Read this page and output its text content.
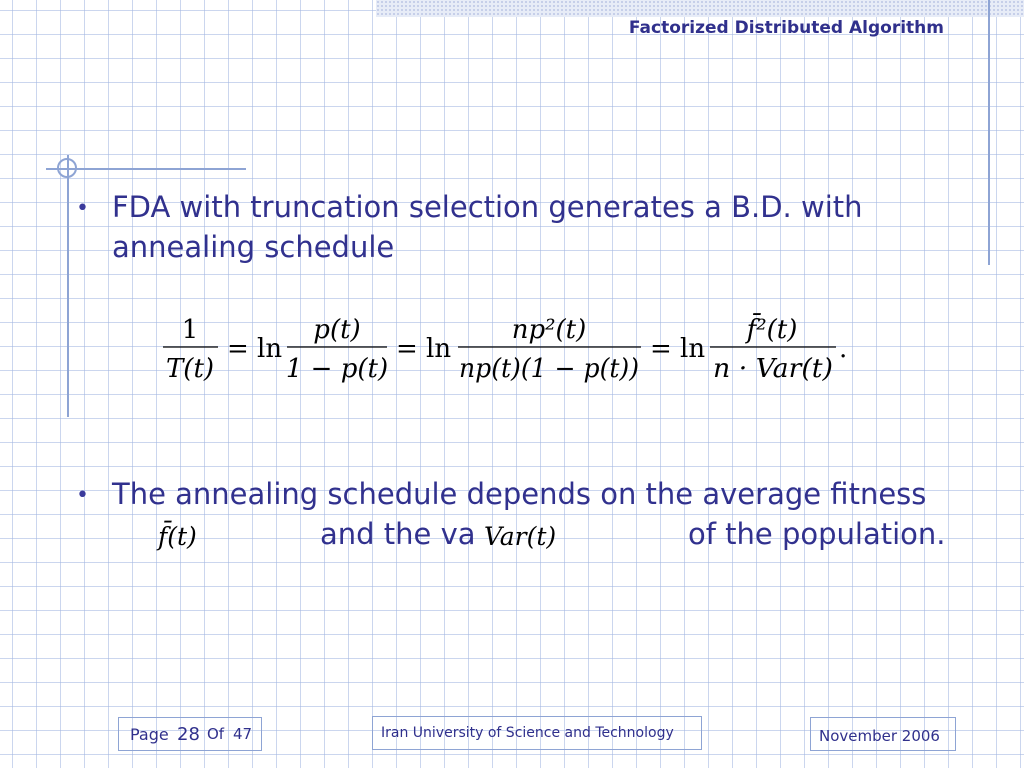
Factorized Distributed Algorithm
• FDA with truncation selection generates a B.D. with annealing schedule
1
T(t)
= ln
p(t)
1 − p(t)
= ln
np²(t)
np(t)(1 − p(t))
= ln
f̄²(t)
n · Var(t)
.
f̄(t)	Var(t)
• The annealing schedule depends on the average fitness
and the va	of the population.
Page 28 Of 47	Iran University of Science and Technology	November 2006
